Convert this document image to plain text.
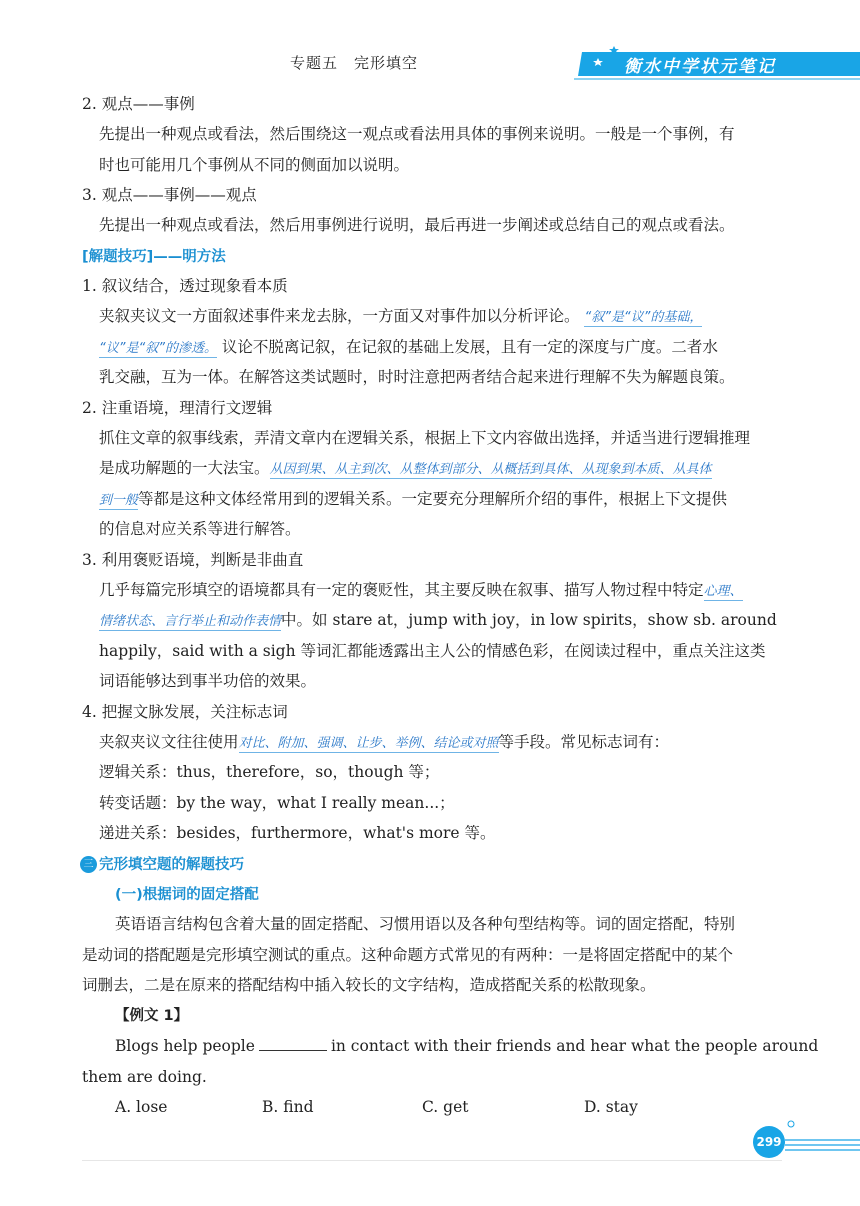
专题五　完形填空	衡水中学状元笔记
2. 观点——事例
先提出一种观点或看法，然后围绕这一观点或看法用具体的事例来说明。一般是一个事例，有
时也可能用几个事例从不同的侧面加以说明。
3. 观点——事例——观点
先提出一种观点或看法，然后用事例进行说明，最后再进一步阐述或总结自己的观点或看法。
[解题技巧]——明方法
1. 叙议结合，透过现象看本质
夹叙夹议文一方面叙述事件来龙去脉，一方面又对事件加以分析评论。 “叙”是“议”的基础，
“议”是“叙”的渗透。 议论不脱离记叙，在记叙的基础上发展，且有一定的深度与广度。二者水
乳交融，互为一体。在解答这类试题时，时时注意把两者结合起来进行理解不失为解题良策。
2. 注重语境，理清行文逻辑
抓住文章的叙事线索，弄清文章内在逻辑关系，根据上下文内容做出选择，并适当进行逻辑推理
是成功解题的一大法宝。从因到果、从主到次、从整体到部分、从概括到具体、从现象到本质、从具体
到一般等都是这种文体经常用到的逻辑关系。一定要充分理解所介绍的事件，根据上下文提供
的信息对应关系等进行解答。
3. 利用褒贬语境，判断是非曲直
几乎每篇完形填空的语境都具有一定的褒贬性，其主要反映在叙事、描写人物过程中特定心理、
情绪状态、言行举止和动作表情中。如 stare at，jump with joy，in low spirits，show sb. around
happily，said with a sigh 等词汇都能透露出主人公的情感色彩，在阅读过程中，重点关注这类
词语能够达到事半功倍的效果。
4. 把握文脉发展，关注标志词
夹叙夹议文往往使用对比、附加、强调、让步、举例、结论或对照等手段。常见标志词有：
逻辑关系：thus，therefore，so，though 等；
转变话题：by the way，what I really mean...；
递进关系：besides，furthermore，what's more 等。
三 完形填空题的解题技巧
(一)根据词的固定搭配
英语语言结构包含着大量的固定搭配、习惯用语以及各种句型结构等。词的固定搭配，特别
是动词的搭配题是完形填空测试的重点。这种命题方式常见的有两种：一是将固定搭配中的某个
词删去，二是在原来的搭配结构中插入较长的文字结构，造成搭配关系的松散现象。
【例文 1】
Blogs help people	in contact with their friends and hear what the people around
them are doing.
A. lose	B. find	C. get	D. stay
299
